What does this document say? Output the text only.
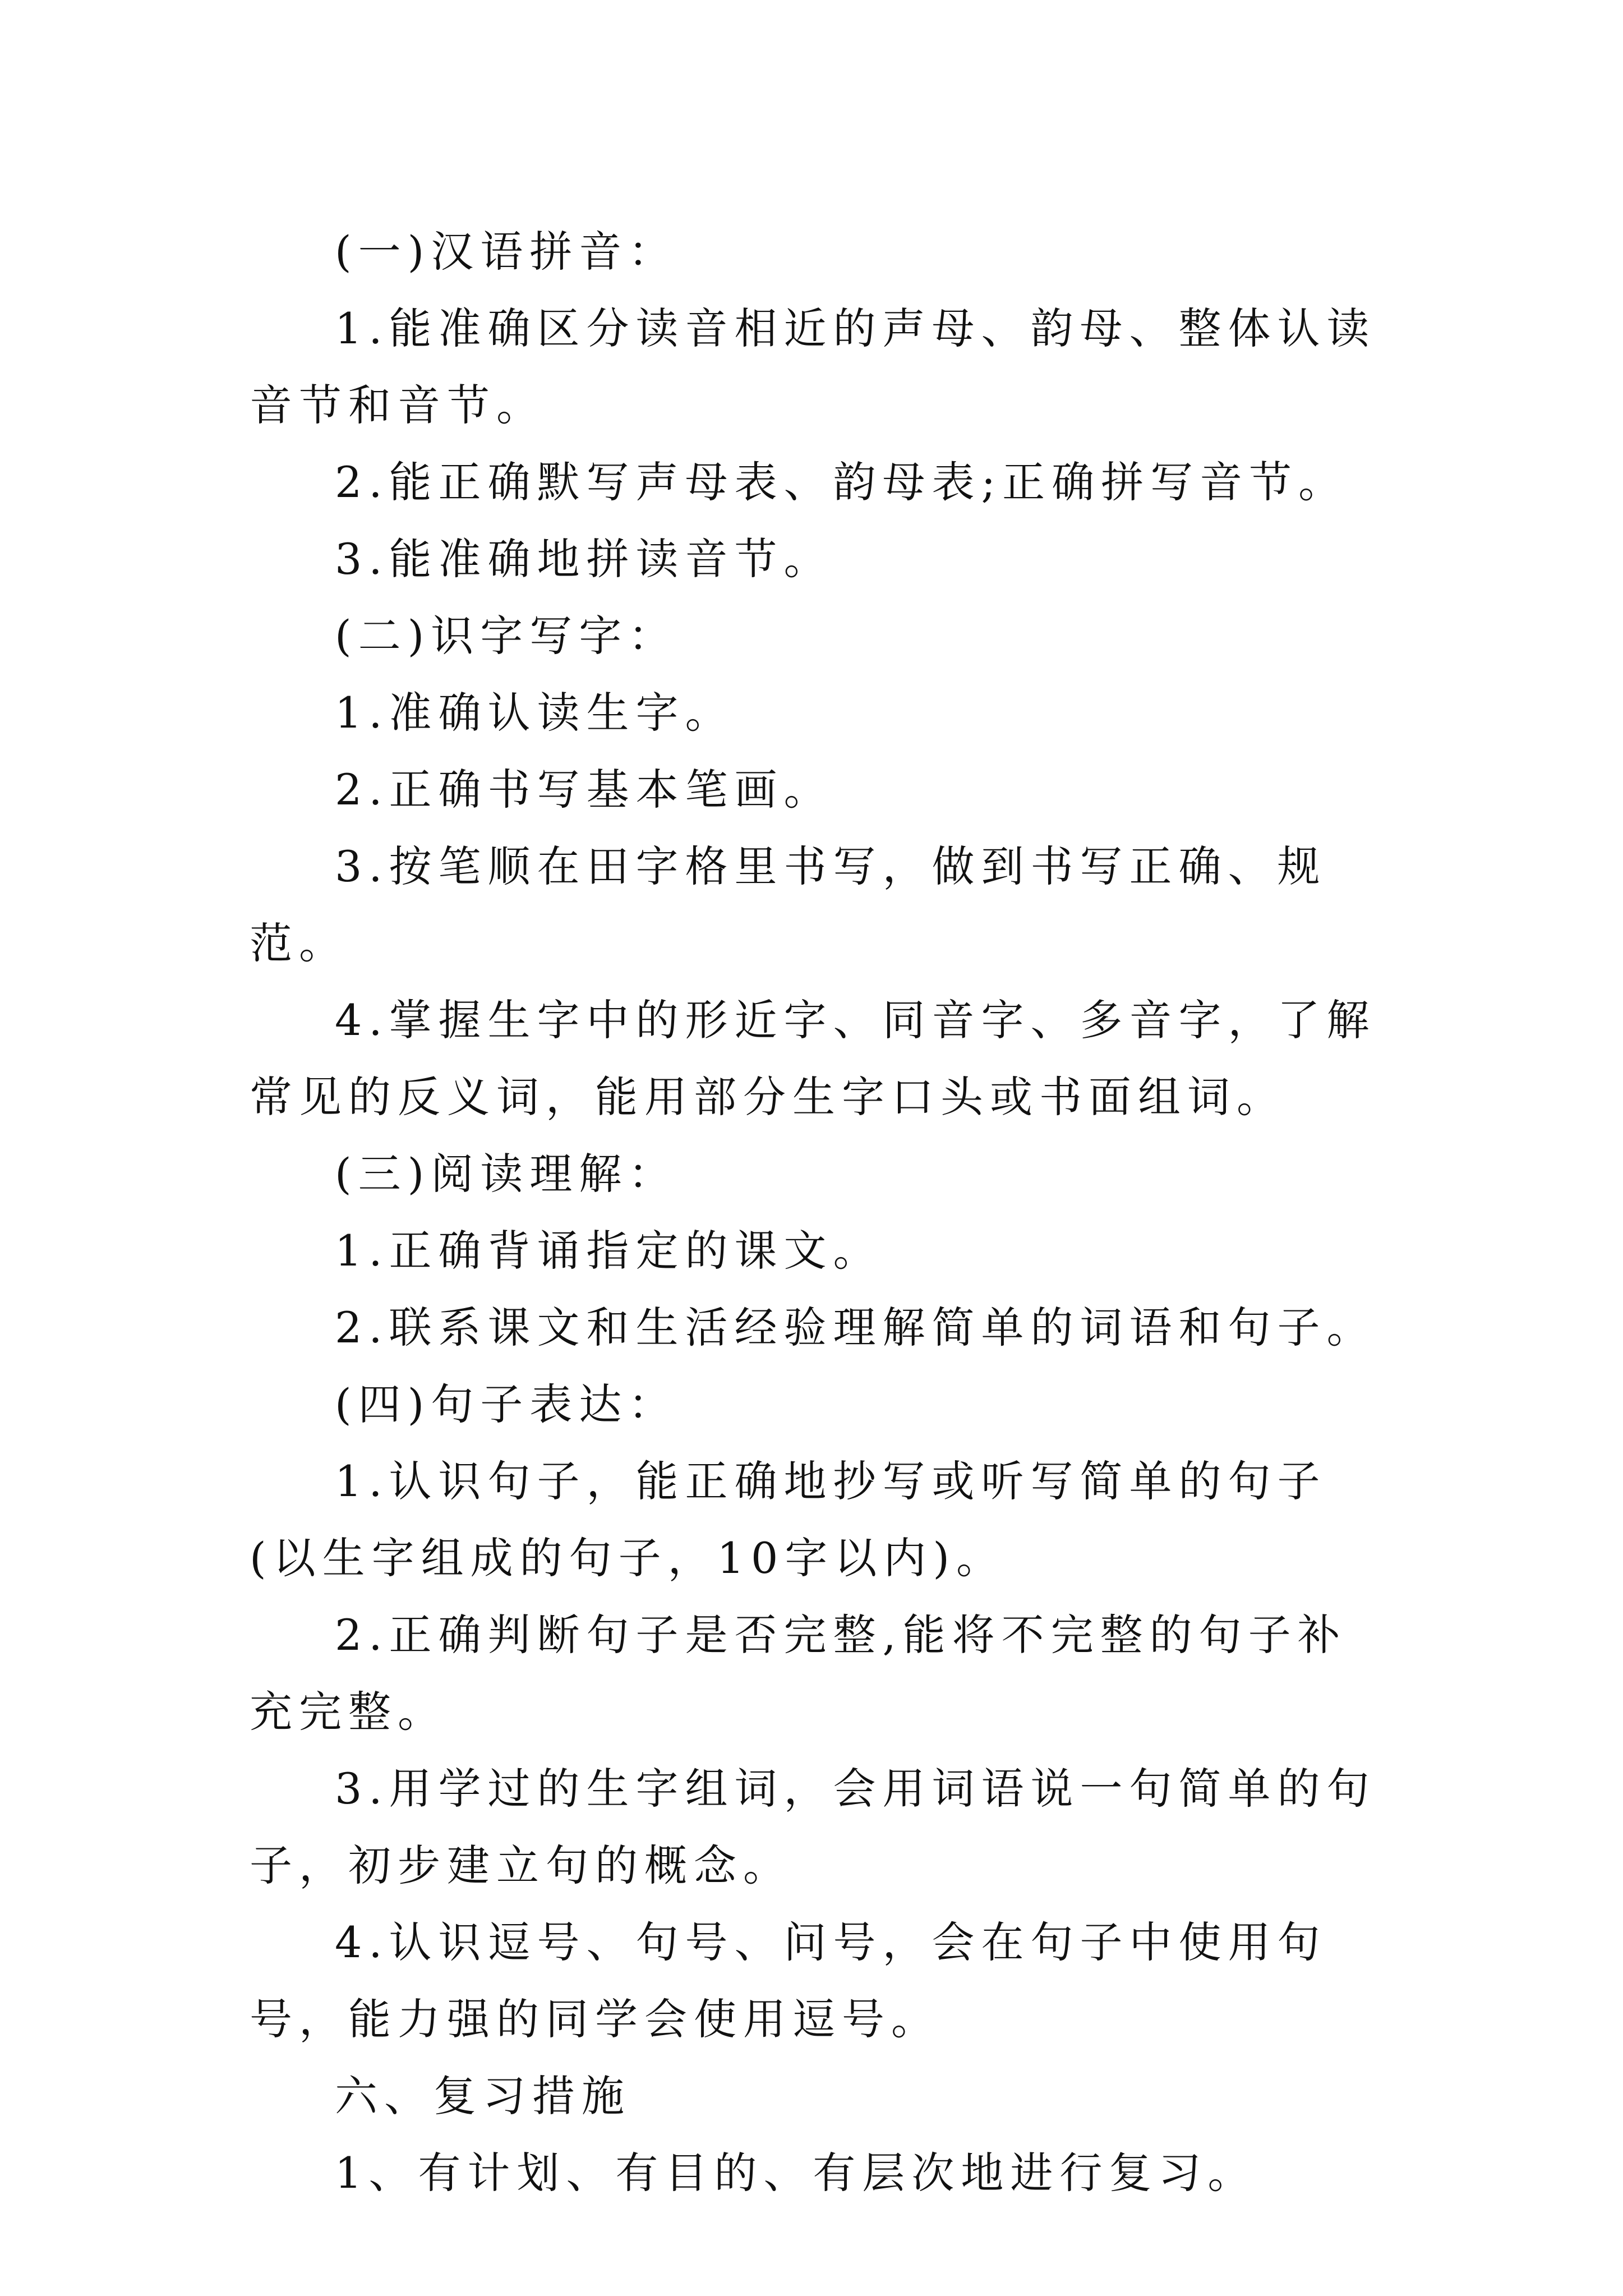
(一)汉语拼音：

1.能准确区分读音相近的声母、韵母、整体认读音节和音节。

2.能正确默写声母表、韵母表;正确拼写音节。

3.能准确地拼读音节。

(二)识字写字：

1.准确认读生字。

2.正确书写基本笔画。

3.按笔顺在田字格里书写，做到书写正确、规范。

4.掌握生字中的形近字、同音字、多音字，了解常见的反义词，能用部分生字口头或书面组词。

(三)阅读理解：

1.正确背诵指定的课文。

2.联系课文和生活经验理解简单的词语和句子。

(四)句子表达：

1.认识句子，能正确地抄写或听写简单的句子(以生字组成的句子，10字以内)。

2.正确判断句子是否完整,能将不完整的句子补充完整。

3.用学过的生字组词，会用词语说一句简单的句子，初步建立句的概念。

4.认识逗号、句号、问号，会在句子中使用句号，能力强的同学会使用逗号。

六、复习措施

1、有计划、有目的、有层次地进行复习。
